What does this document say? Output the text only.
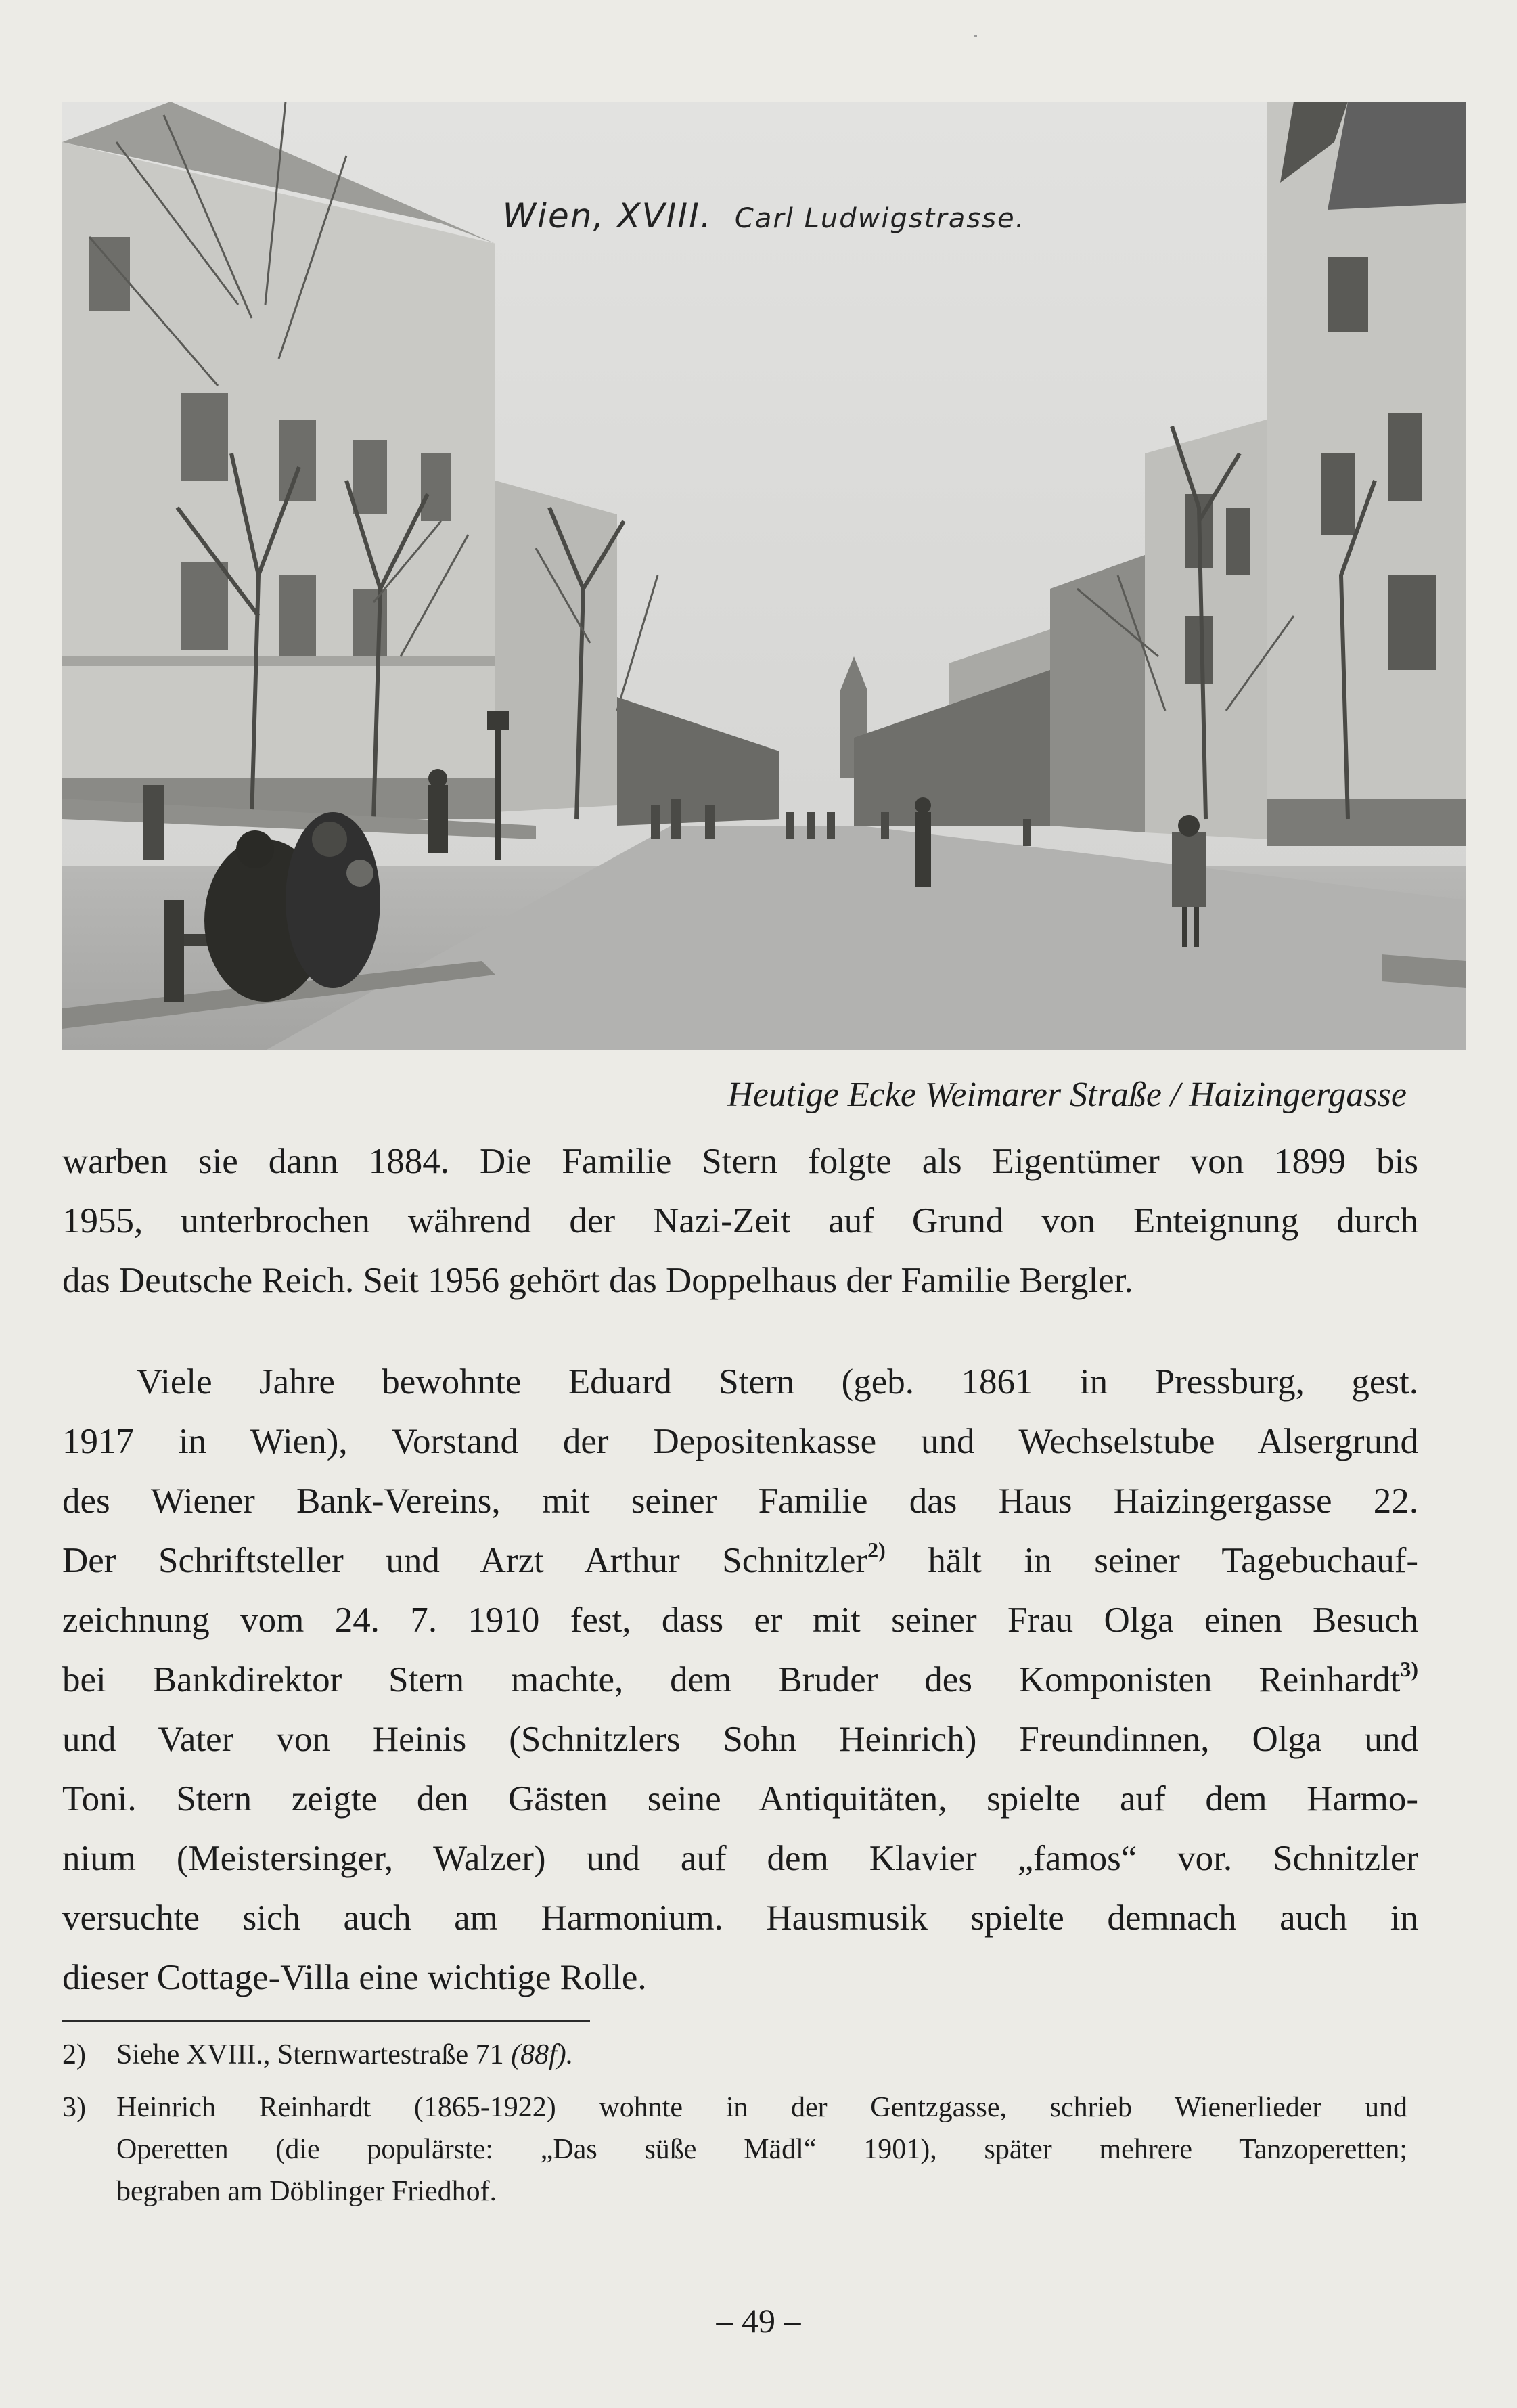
Wien, XVIII. Carl Ludwigstrasse.
Heutige Ecke Weimarer Straße / Haizingergasse
warben sie dann 1884. Die Familie Stern folgte als Eigentümer von 1899 bis
1955, unterbrochen während der Nazi-Zeit auf Grund von Enteignung durch
das Deutsche Reich. Seit 1956 gehört das Doppelhaus der Familie Bergler.
Viele Jahre bewohnte Eduard Stern (geb. 1861 in Pressburg, gest.
1917 in Wien), Vorstand der Depositenkasse und Wechselstube Alsergrund
des Wiener Bank-Vereins, mit seiner Familie das Haus Haizingergasse 22.
Der Schriftsteller und Arzt Arthur Schnitzler$^{2)}$ hält in seiner Tagebuchauf-
zeichnung vom 24. 7. 1910 fest, dass er mit seiner Frau Olga einen Besuch
bei Bankdirektor Stern machte, dem Bruder des Komponisten Reinhardt$^{3)}$
und Vater von Heinis (Schnitzlers Sohn Heinrich) Freundinnen, Olga und
Toni. Stern zeigte den Gästen seine Antiquitäten, spielte auf dem Harmo-
nium (Meistersinger, Walzer) und auf dem Klavier „famos“ vor. Schnitzler
versuchte sich auch am Harmonium. Hausmusik spielte demnach auch in
dieser Cottage-Villa eine wichtige Rolle.
2) Siehe XVIII., Sternwartestraße 71 (88f).
3) Heinrich Reinhardt (1865-1922) wohnte in der Gentzgasse, schrieb Wienerlieder und
Operetten (die populärste: „Das süße Mädl“ 1901), später mehrere Tanzoperetten;
begraben am Döblinger Friedhof.
– 49 –
